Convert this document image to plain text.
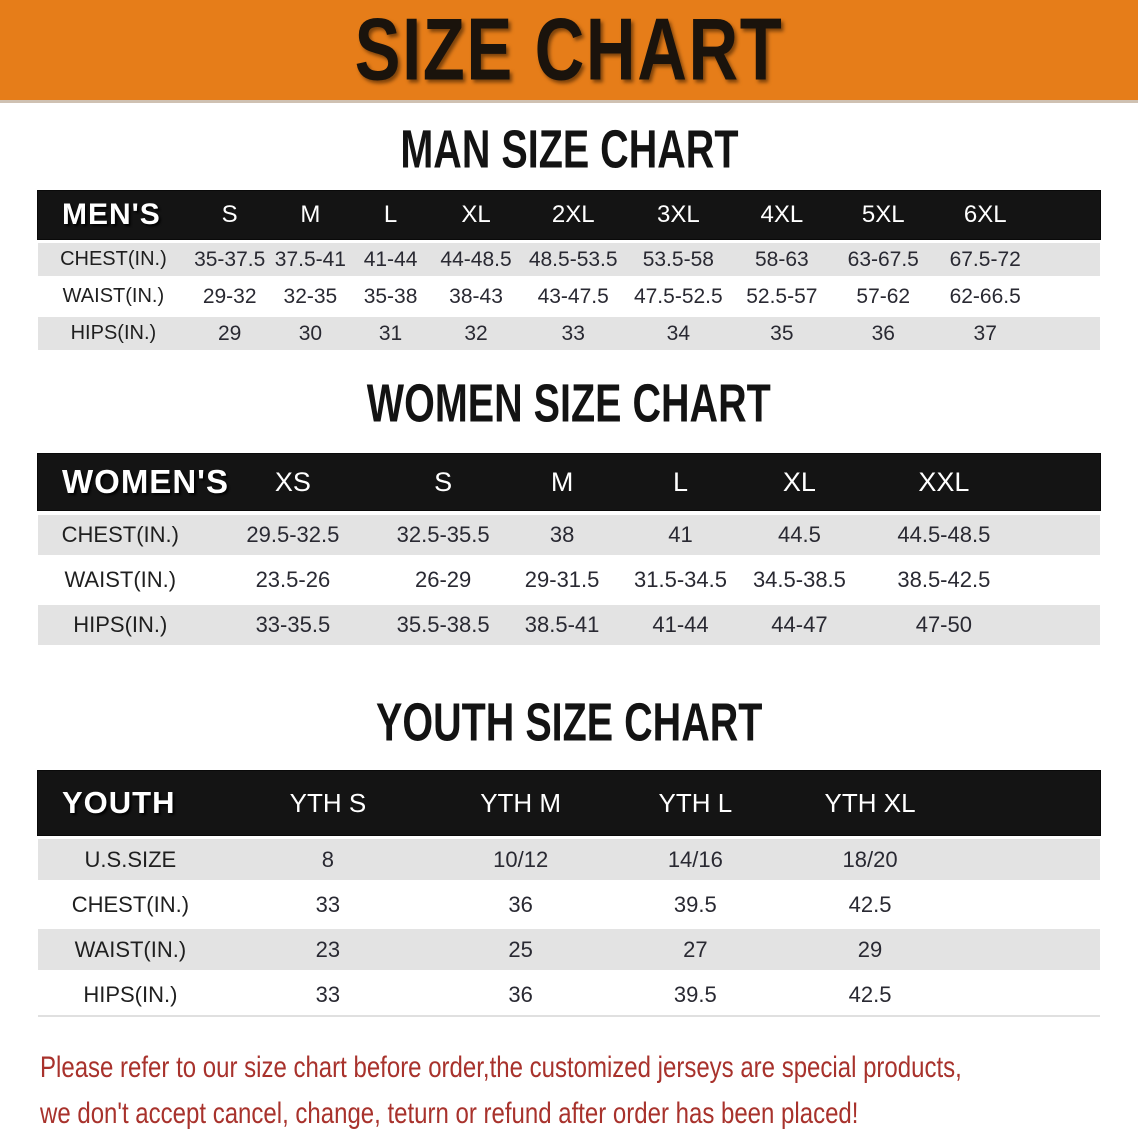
SIZE CHART
MAN SIZE CHART
MEN'S	S	M	L	XL	2XL	3XL	4XL	5XL	6XL
CHEST(IN.)	35-37.5 37.5-41 41-44	44-48.5 48.5-53.5	53.5-58	58-63	63-67.5	67.5-72
WAIST(IN.)	29-32	32-35	35-38	38-43	43-47.5	47.5-52.5	52.5-57	57-62	62-66.5
HIPS(IN.)	29	30	31	32	33	34	35	36	37
WOMEN SIZE CHART
WOMEN'S	XS	S	M	L	XL	XXL
CHEST(IN.)	29.5-32.5	32.5-35.5	38	41	44.5	44.5-48.5
WAIST(IN.)	23.5-26	26-29	29-31.5	31.5-34.5	34.5-38.5	38.5-42.5
HIPS(IN.)	33-35.5	35.5-38.5	38.5-41	41-44	44-47	47-50
YOUTH SIZE CHART
YOUTH	YTH S	YTH M	YTH L	YTH XL
U.S.SIZE	8	10/12	14/16	18/20
CHEST(IN.)	33	36	39.5	42.5
WAIST(IN.)	23	25	27	29
HIPS(IN.)	33	36	39.5	42.5
Please refer to our size chart before order,the customized jerseys are special products,
we don't accept cancel, change, teturn or refund after order has been placed!
